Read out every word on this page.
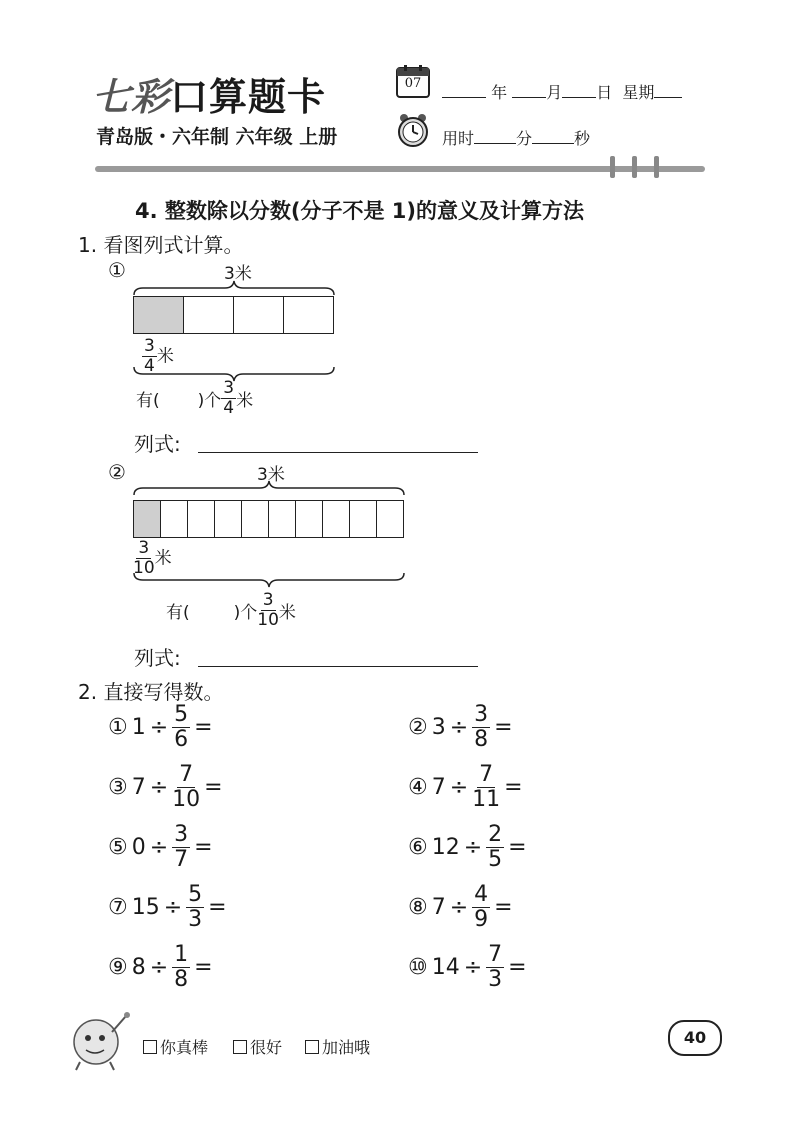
七彩口算题卡
青岛版・六年制 六年级 上册
07	年 月 日 星期
用时	分	秒
4. 整数除以分数(分子不是 1)的意义及计算方法
1. 看图列式计算。
①	3米
$\frac{3}{4}$ 米
有( )个 $\frac{3}{4}$ 米
列式:
②	3米
$\frac{3}{10}$ 米
有(	)个 $\frac{3}{10}$ 米
列式:
2. 直接写得数。
① $1 \div \frac{5}{6}$ =	② $3 \div \frac{3}{8}$ =
③ $7 \div \frac{7}{10}$ =	④ $7 \div \frac{7}{11}$ =
⑤ $0 \div \frac{3}{7}$ =	⑥ $12 \div \frac{2}{5}$ =
⑦ $15 \div \frac{5}{3}$ =	⑧ $7 \div \frac{4}{9}$ =
⑨ $8 \div \frac{1}{8}$ =	⑩ $14 \div \frac{7}{3}$ =
你真棒	很好	加油哦
40
